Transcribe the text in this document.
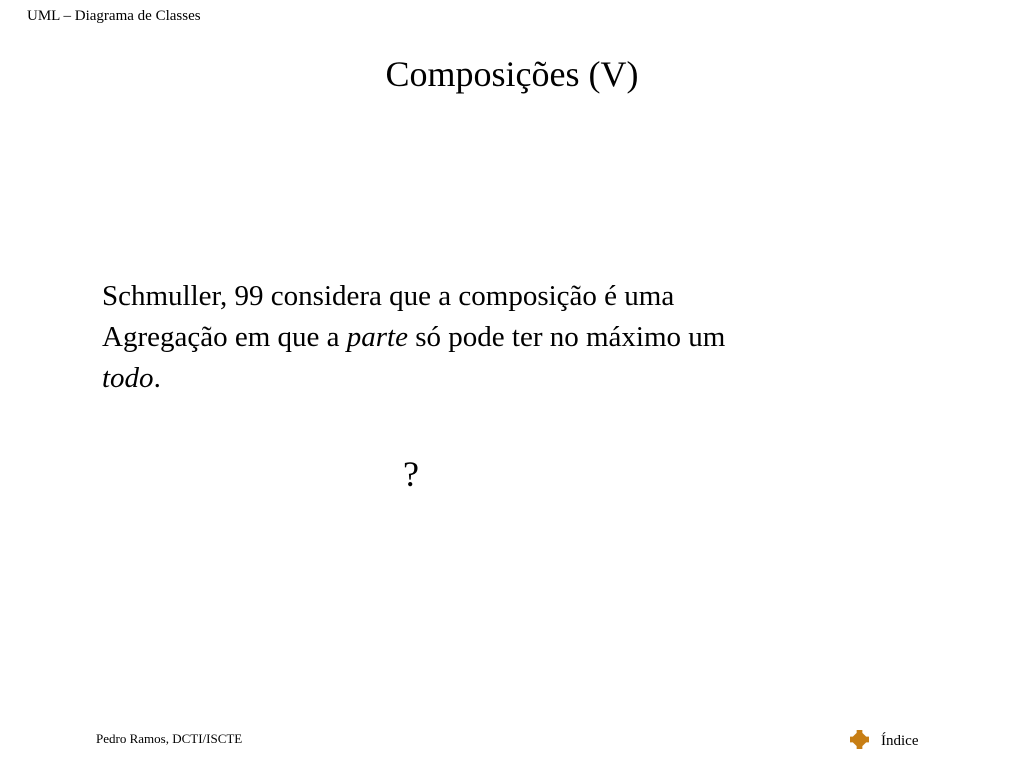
UML – Diagrama de Classes
Composições (V)
Schmuller, 99 considera que a composição é uma
Agregação em que a parte só pode ter no máximo um
todo.
?
Pedro Ramos, DCTI/ISCTE	Índice
